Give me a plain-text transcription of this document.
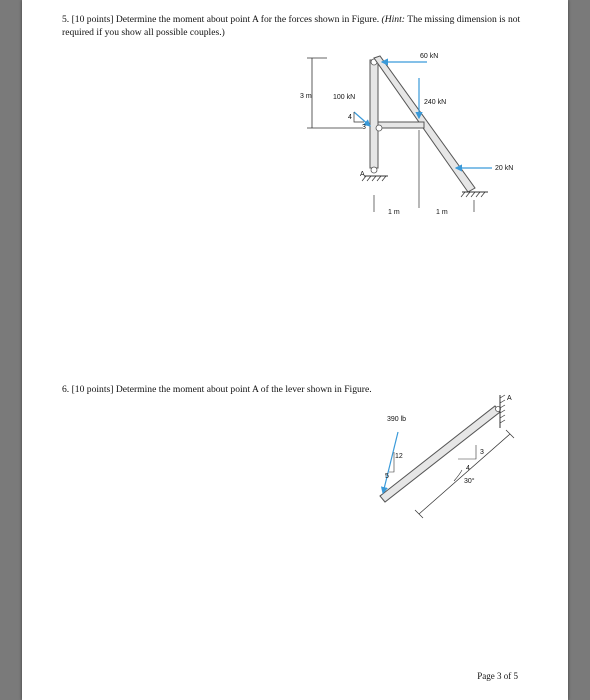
5. [10 points] Determine the moment about point A for the forces shown in Figure. (Hint: The missing dimension is not required if you show all possible couples.)
3 m
60 kN
240 kN
100 kN
4
3
20 kN
A
1 m	1 m
6. [10 points] Determine the moment about point A of the lever shown in Figure.
A
390 lb
12
5
3
4
30°
Page 3 of 5
